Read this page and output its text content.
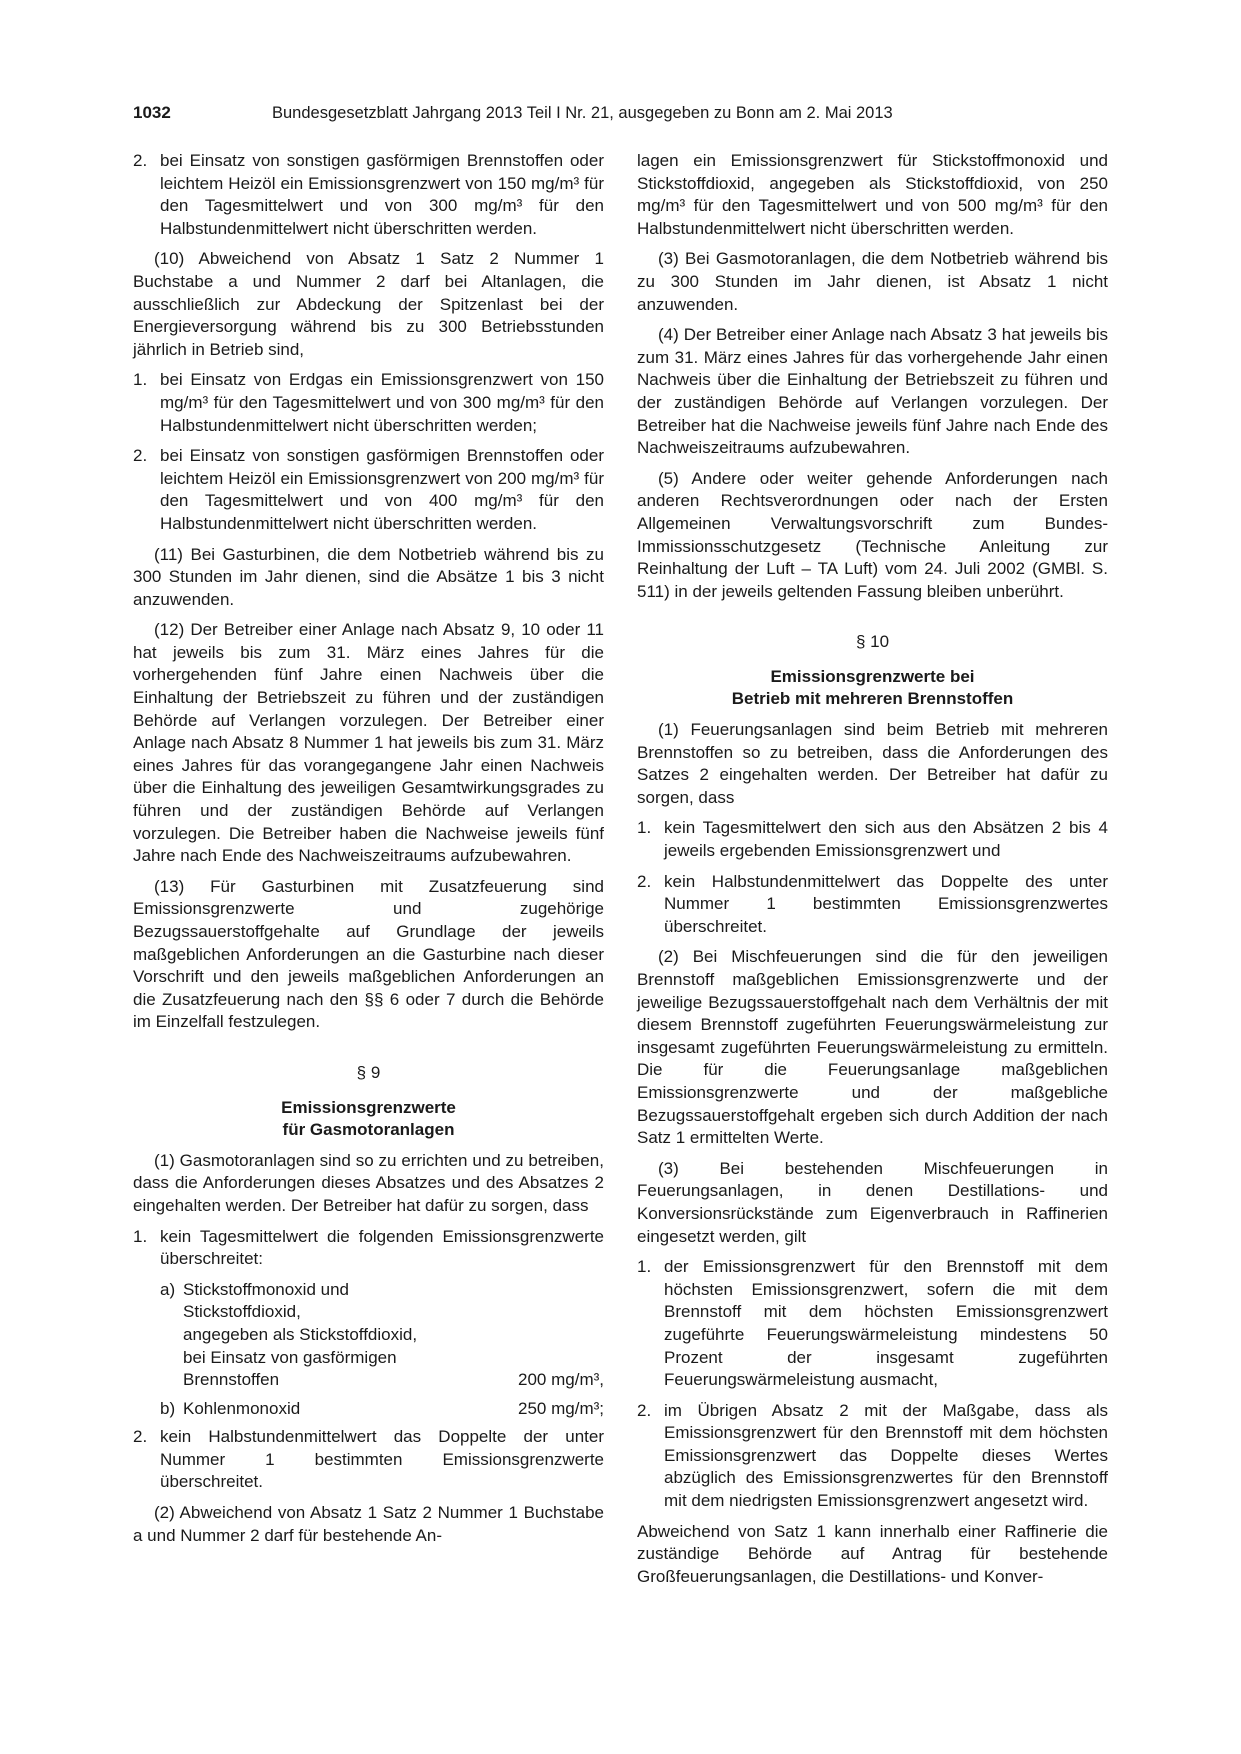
1032	Bundesgesetzblatt Jahrgang 2013 Teil I Nr. 21, ausgegeben zu Bonn am 2. Mai 2013
2. bei Einsatz von sonstigen gasförmigen Brennstoffen oder leichtem Heizöl ein Emissionsgrenzwert von 150 mg/m³ für den Tagesmittelwert und von 300 mg/m³ für den Halbstundenmittelwert nicht überschritten werden.

(10) Abweichend von Absatz 1 Satz 2 Nummer 1 Buchstabe a und Nummer 2 darf bei Altanlagen, die ausschließlich zur Abdeckung der Spitzenlast bei der Energieversorgung während bis zu 300 Betriebsstunden jährlich in Betrieb sind,

1. bei Einsatz von Erdgas ein Emissionsgrenzwert von 150 mg/m³ für den Tagesmittelwert und von 300 mg/m³ für den Halbstundenmittelwert nicht überschritten werden;
2. bei Einsatz von sonstigen gasförmigen Brennstoffen oder leichtem Heizöl ein Emissionsgrenzwert von 200 mg/m³ für den Tagesmittelwert und von 400 mg/m³ für den Halbstundenmittelwert nicht überschritten werden.

(11) Bei Gasturbinen, die dem Notbetrieb während bis zu 300 Stunden im Jahr dienen, sind die Absätze 1 bis 3 nicht anzuwenden.

(12) Der Betreiber einer Anlage nach Absatz 9, 10 oder 11 hat jeweils bis zum 31. März eines Jahres für die vorhergehenden fünf Jahre einen Nachweis über die Einhaltung der Betriebszeit zu führen und der zuständigen Behörde auf Verlangen vorzulegen. Der Betreiber einer Anlage nach Absatz 8 Nummer 1 hat jeweils bis zum 31. März eines Jahres für das vorangegangene Jahr einen Nachweis über die Einhaltung des jeweiligen Gesamtwirkungsgrades zu führen und der zuständigen Behörde auf Verlangen vorzulegen. Die Betreiber haben die Nachweise jeweils fünf Jahre nach Ende des Nachweiszeitraums aufzubewahren.

(13) Für Gasturbinen mit Zusatzfeuerung sind Emissionsgrenzwerte und zugehörige Bezugssauerstoffgehalte auf Grundlage der jeweils maßgeblichen Anforderungen an die Gasturbine nach dieser Vorschrift und den jeweils maßgeblichen Anforderungen an die Zusatzfeuerung nach den §§ 6 oder 7 durch die Behörde im Einzelfall festzulegen.

§ 9
Emissionsgrenzwerte
für Gasmotoranlagen

(1) Gasmotoranlagen sind so zu errichten und zu betreiben, dass die Anforderungen dieses Absatzes und des Absatzes 2 eingehalten werden. Der Betreiber hat dafür zu sorgen, dass

1. kein Tagesmittelwert die folgenden Emissionsgrenzwerte überschreitet:
a) Stickstoffmonoxid und
Stickstoffdioxid,
angegeben als Stickstoffdioxid,
bei Einsatz von gasförmigen
Brennstoffen	200 mg/m³,
b) Kohlenmonoxid	250 mg/m³;
2. kein Halbstundenmittelwert das Doppelte der unter Nummer 1 bestimmten Emissionsgrenzwerte überschreitet.

(2) Abweichend von Absatz 1 Satz 2 Nummer 1 Buchstabe a und Nummer 2 darf für bestehende An-

lagen ein Emissionsgrenzwert für Stickstoffmonoxid und Stickstoffdioxid, angegeben als Stickstoffdioxid, von 250 mg/m³ für den Tagesmittelwert und von 500 mg/m³ für den Halbstundenmittelwert nicht überschritten werden.

(3) Bei Gasmotoranlagen, die dem Notbetrieb während bis zu 300 Stunden im Jahr dienen, ist Absatz 1 nicht anzuwenden.

(4) Der Betreiber einer Anlage nach Absatz 3 hat jeweils bis zum 31. März eines Jahres für das vorhergehende Jahr einen Nachweis über die Einhaltung der Betriebszeit zu führen und der zuständigen Behörde auf Verlangen vorzulegen. Der Betreiber hat die Nachweise jeweils fünf Jahre nach Ende des Nachweiszeitraums aufzubewahren.

(5) Andere oder weiter gehende Anforderungen nach anderen Rechtsverordnungen oder nach der Ersten Allgemeinen Verwaltungsvorschrift zum Bundes-Immissionsschutzgesetz (Technische Anleitung zur Reinhaltung der Luft – TA Luft) vom 24. Juli 2002 (GMBl. S. 511) in der jeweils geltenden Fassung bleiben unberührt.

§ 10
Emissionsgrenzwerte bei
Betrieb mit mehreren Brennstoffen

(1) Feuerungsanlagen sind beim Betrieb mit mehreren Brennstoffen so zu betreiben, dass die Anforderungen des Satzes 2 eingehalten werden. Der Betreiber hat dafür zu sorgen, dass

1. kein Tagesmittelwert den sich aus den Absätzen 2 bis 4 jeweils ergebenden Emissionsgrenzwert und
2. kein Halbstundenmittelwert das Doppelte des unter Nummer 1 bestimmten Emissionsgrenzwertes überschreitet.

(2) Bei Mischfeuerungen sind die für den jeweiligen Brennstoff maßgeblichen Emissionsgrenzwerte und der jeweilige Bezugssauerstoffgehalt nach dem Verhältnis der mit diesem Brennstoff zugeführten Feuerungswärmeleistung zur insgesamt zugeführten Feuerungswärmeleistung zu ermitteln. Die für die Feuerungsanlage maßgeblichen Emissionsgrenzwerte und der maßgebliche Bezugssauerstoffgehalt ergeben sich durch Addition der nach Satz 1 ermittelten Werte.

(3) Bei bestehenden Mischfeuerungen in Feuerungsanlagen, in denen Destillations- und Konversionsrückstände zum Eigenverbrauch in Raffinerien eingesetzt werden, gilt

1. der Emissionsgrenzwert für den Brennstoff mit dem höchsten Emissionsgrenzwert, sofern die mit dem Brennstoff mit dem höchsten Emissionsgrenzwert zugeführte Feuerungswärmeleistung mindestens 50 Prozent der insgesamt zugeführten Feuerungswärmeleistung ausmacht,
2. im Übrigen Absatz 2 mit der Maßgabe, dass als Emissionsgrenzwert für den Brennstoff mit dem höchsten Emissionsgrenzwert das Doppelte dieses Wertes abzüglich des Emissionsgrenzwertes für den Brennstoff mit dem niedrigsten Emissionsgrenzwert angesetzt wird.

Abweichend von Satz 1 kann innerhalb einer Raffinerie die zuständige Behörde auf Antrag für bestehende Großfeuerungsanlagen, die Destillations- und Konver-
